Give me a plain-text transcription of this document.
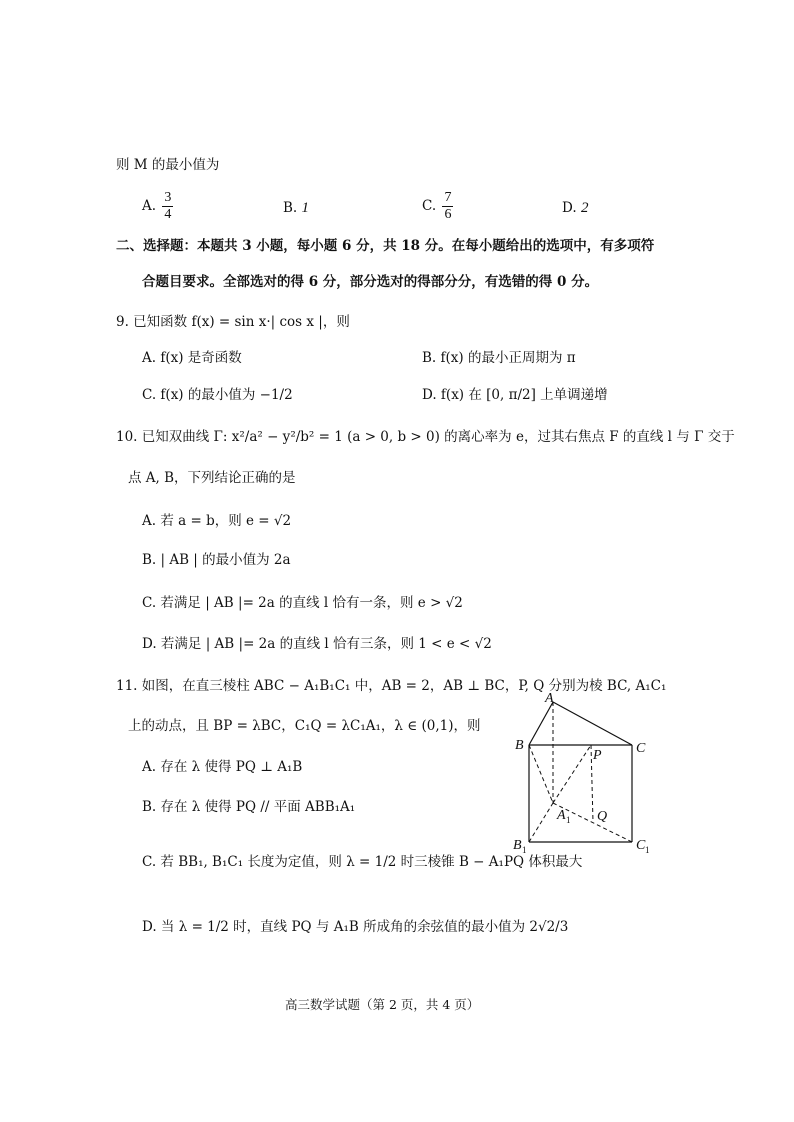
则 M 的最小值为
A. $\frac{3}{4}$	B. 1	C. $\frac{7}{6}$	D. 2
二、选择题：本题共 3 小题，每小题 6 分，共 18 分。在每小题给出的选项中，有多项符
合题目要求。全部选对的得 6 分，部分选对的得部分分，有选错的得 0 分。
9. 已知函数 f(x) = sin x·| cos x |，则
A. f(x) 是奇函数	B. f(x) 的最小正周期为 π
C. f(x) 的最小值为 −1/2	D. f(x) 在 [0, π/2] 上单调递增
10. 已知双曲线 Γ: x²/a² − y²/b² = 1 (a > 0, b > 0) 的离心率为 e，过其右焦点 F 的直线 l 与 Γ 交于
点 A, B，下列结论正确的是
A. 若 a = b，则 e = √2
B. | AB | 的最小值为 2a
C. 若满足 | AB |= 2a 的直线 l 恰有一条，则 e > √2
D. 若满足 | AB |= 2a 的直线 l 恰有三条，则 1 < e < √2
11. 如图，在直三棱柱 ABC − A₁B₁C₁ 中，AB = 2，AB ⊥ BC，P, Q 分别为棱 BC, A₁C₁
上的动点，且 BP = λBC，C₁Q = λC₁A₁，λ ∈ (0,1)，则
A. 存在 λ 使得 PQ ⊥ A₁B
B. 存在 λ 使得 PQ // 平面 ABB₁A₁
C. 若 BB₁, B₁C₁ 长度为定值，则 λ = 1/2 时三棱锥 B − A₁PQ 体积最大
D. 当 λ = 1/2 时，直线 PQ 与 A₁B 所成角的余弦值的最小值为 2√2/3
A
B	C
P
A 1 Q
B 1	C 1
高三数学试题（第 2 页，共 4 页）
